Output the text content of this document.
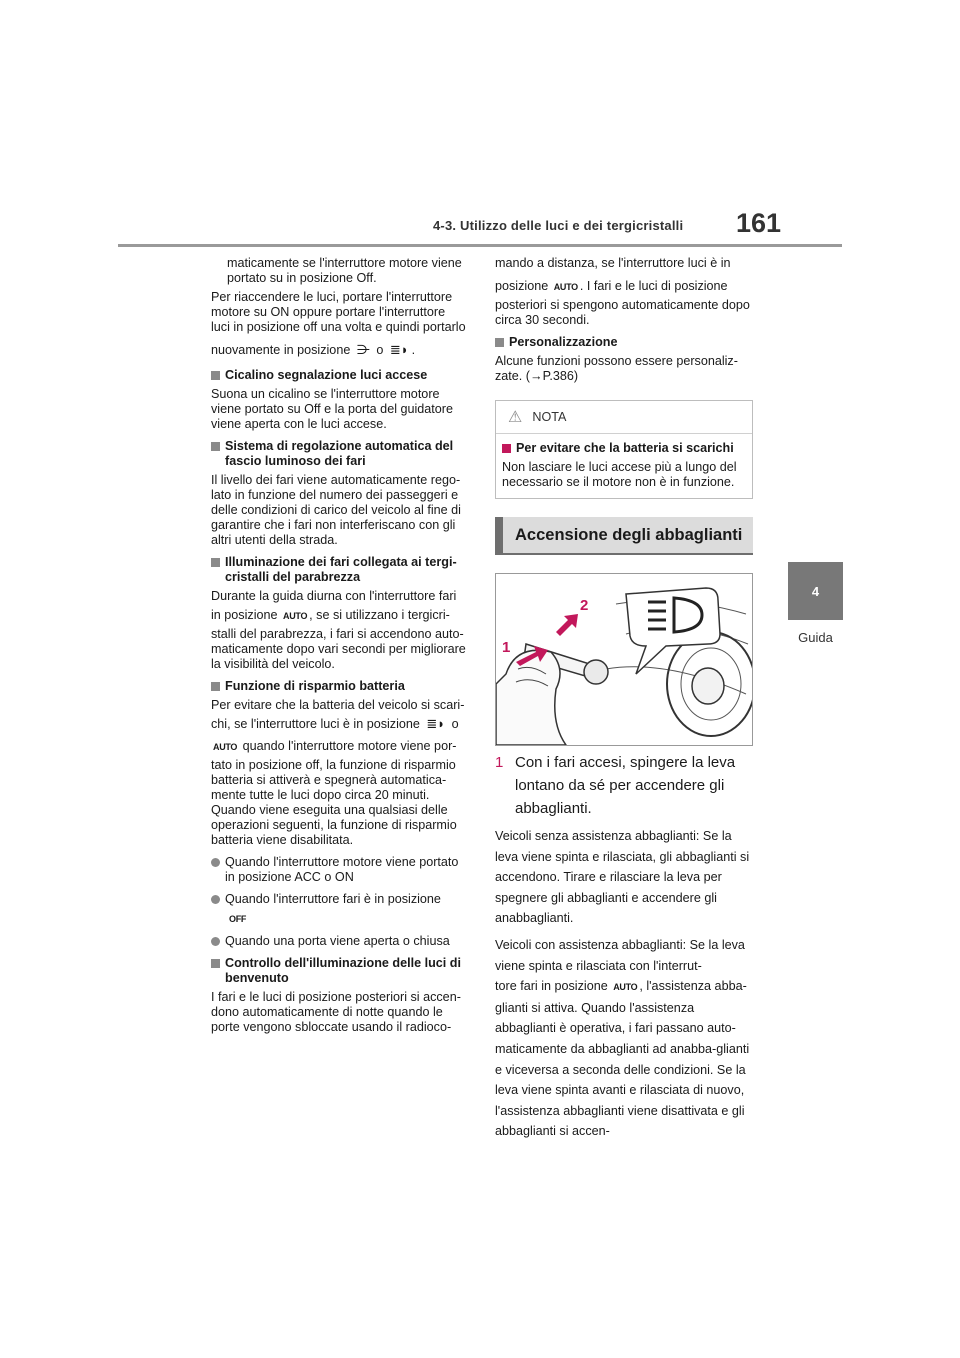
4-3. Utilizzo delle luci e dei tergicristalli 161
4
Guida

maticamente se l'interruttore motore viene portato su in posizione Off.

Per riaccendere le luci, portare l'interruttore motore su ON oppure portare l'interruttore luci in posizione off una volta e quindi portarlo

nuovamente in posizione ⋺ o ≣◗ .

Cicalino segnalazione luci accese

Suona un cicalino se l'interruttore motore viene portato su Off e la porta del guidatore viene aperta con le luci accese.

Sistema di regolazione automatica del fascio luminoso dei fari

Il livello dei fari viene automaticamente rego-lato in funzione del numero dei passeggeri e delle condizioni di carico del veicolo al fine di garantire che i fari non interferiscano con gli altri utenti della strada.

Illuminazione dei fari collegata ai tergi-cristalli del parabrezza

Durante la guida diurna con l'interruttore fari

in posizione AUTO , se si utilizzano i tergicri-

stalli del parabrezza, i fari si accendono auto-maticamente dopo vari secondi per migliorare la visibilità del veicolo.

Funzione di risparmio batteria

Per evitare che la batteria del veicolo si scari-

chi, se l'interruttore luci è in posizione ≣◗ o

AUTO quando l'interruttore motore viene por-

tato in posizione off, la funzione di risparmio batteria si attiverà e spegnerà automatica-mente tutte le luci dopo circa 20 minuti. Quando viene eseguita una qualsiasi delle operazioni seguenti, la funzione di risparmio batteria viene disabilitata.

Quando l'interruttore motore viene portato in posizione ACC o ON
Quando l'interruttore fari è in posizione

OFF

Quando una porta viene aperta o chiusa
Controllo dell'illuminazione delle luci di benvenuto

I fari e le luci di posizione posteriori si accen-dono automaticamente di notte quando le porte vengono sbloccate usando il radioco-

mando a distanza, se l'interruttore luci è in

posizione AUTO . I fari e le luci di posizione

posteriori si spengono automaticamente dopo circa 30 secondi.

Personalizzazione

Alcune funzioni possono essere personaliz-zate. (→P.386)

⚠ NOTA
Per evitare che la batteria si scarichi

Non lasciare le luci accese più a lungo del necessario se il motore non è in funzione.

Accensione degli abbaglianti
1
2
1 Con i fari accesi, spingere la leva lontano da sé per accendere gli abbaglianti.

Veicoli senza assistenza abbaglianti: Se la leva viene spinta e rilasciata, gli abbaglianti si accendono. Tirare e rilasciare la leva per spegnere gli abbaglianti e accendere gli anabbaglianti.

Veicoli con assistenza abbaglianti: Se la leva viene spinta e rilasciata con l'interrut-

tore fari in posizione AUTO , l'assistenza abba-

glianti si attiva. Quando l'assistenza abbaglianti è operativa, i fari passano auto-maticamente da abbaglianti ad anabba-glianti e viceversa a seconda delle condizioni. Se la leva viene spinta avanti e rilasciata di nuovo, l'assistenza abbaglianti viene disattivata e gli abbaglianti si accen-
